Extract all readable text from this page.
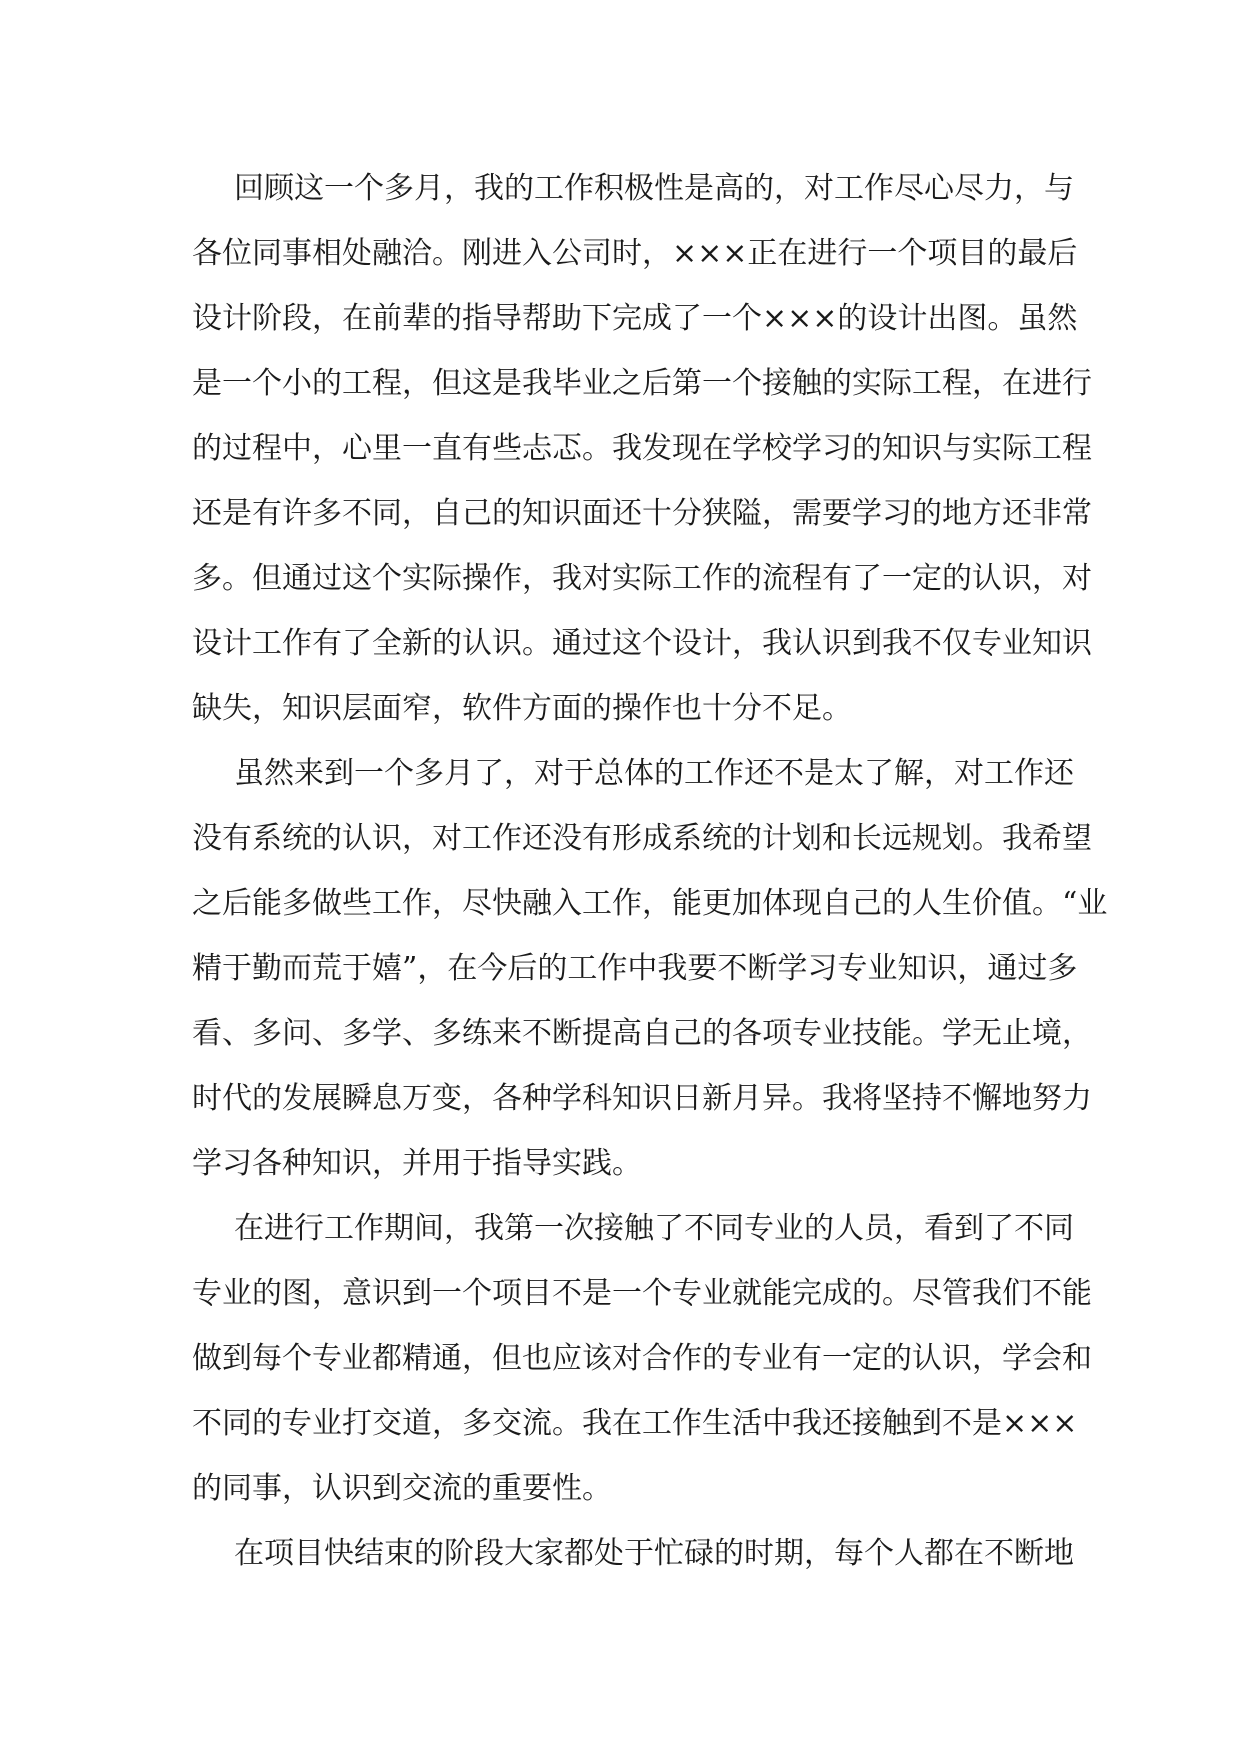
回顾这一个多月，我的工作积极性是高的，对工作尽心尽力，与
各位同事相处融洽。刚进入公司时，×××正在进行一个项目的最后
设计阶段，在前辈的指导帮助下完成了一个×××的设计出图。虽然
是一个小的工程，但这是我毕业之后第一个接触的实际工程，在进行
的过程中，心里一直有些忐忑。我发现在学校学习的知识与实际工程
还是有许多不同，自己的知识面还十分狭隘，需要学习的地方还非常
多。但通过这个实际操作，我对实际工作的流程有了一定的认识，对
设计工作有了全新的认识。通过这个设计，我认识到我不仅专业知识
缺失，知识层面窄，软件方面的操作也十分不足。
虽然来到一个多月了，对于总体的工作还不是太了解，对工作还
没有系统的认识，对工作还没有形成系统的计划和长远规划。我希望
之后能多做些工作，尽快融入工作，能更加体现自己的人生价值。“业
精于勤而荒于嬉”，在今后的工作中我要不断学习专业知识，通过多
看、多问、多学、多练来不断提高自己的各项专业技能。学无止境，
时代的发展瞬息万变，各种学科知识日新月异。我将坚持不懈地努力
学习各种知识，并用于指导实践。
在进行工作期间，我第一次接触了不同专业的人员，看到了不同
专业的图，意识到一个项目不是一个专业就能完成的。尽管我们不能
做到每个专业都精通，但也应该对合作的专业有一定的认识，学会和
不同的专业打交道，多交流。我在工作生活中我还接触到不是×××
的同事，认识到交流的重要性。
在项目快结束的阶段大家都处于忙碌的时期，每个人都在不断地
